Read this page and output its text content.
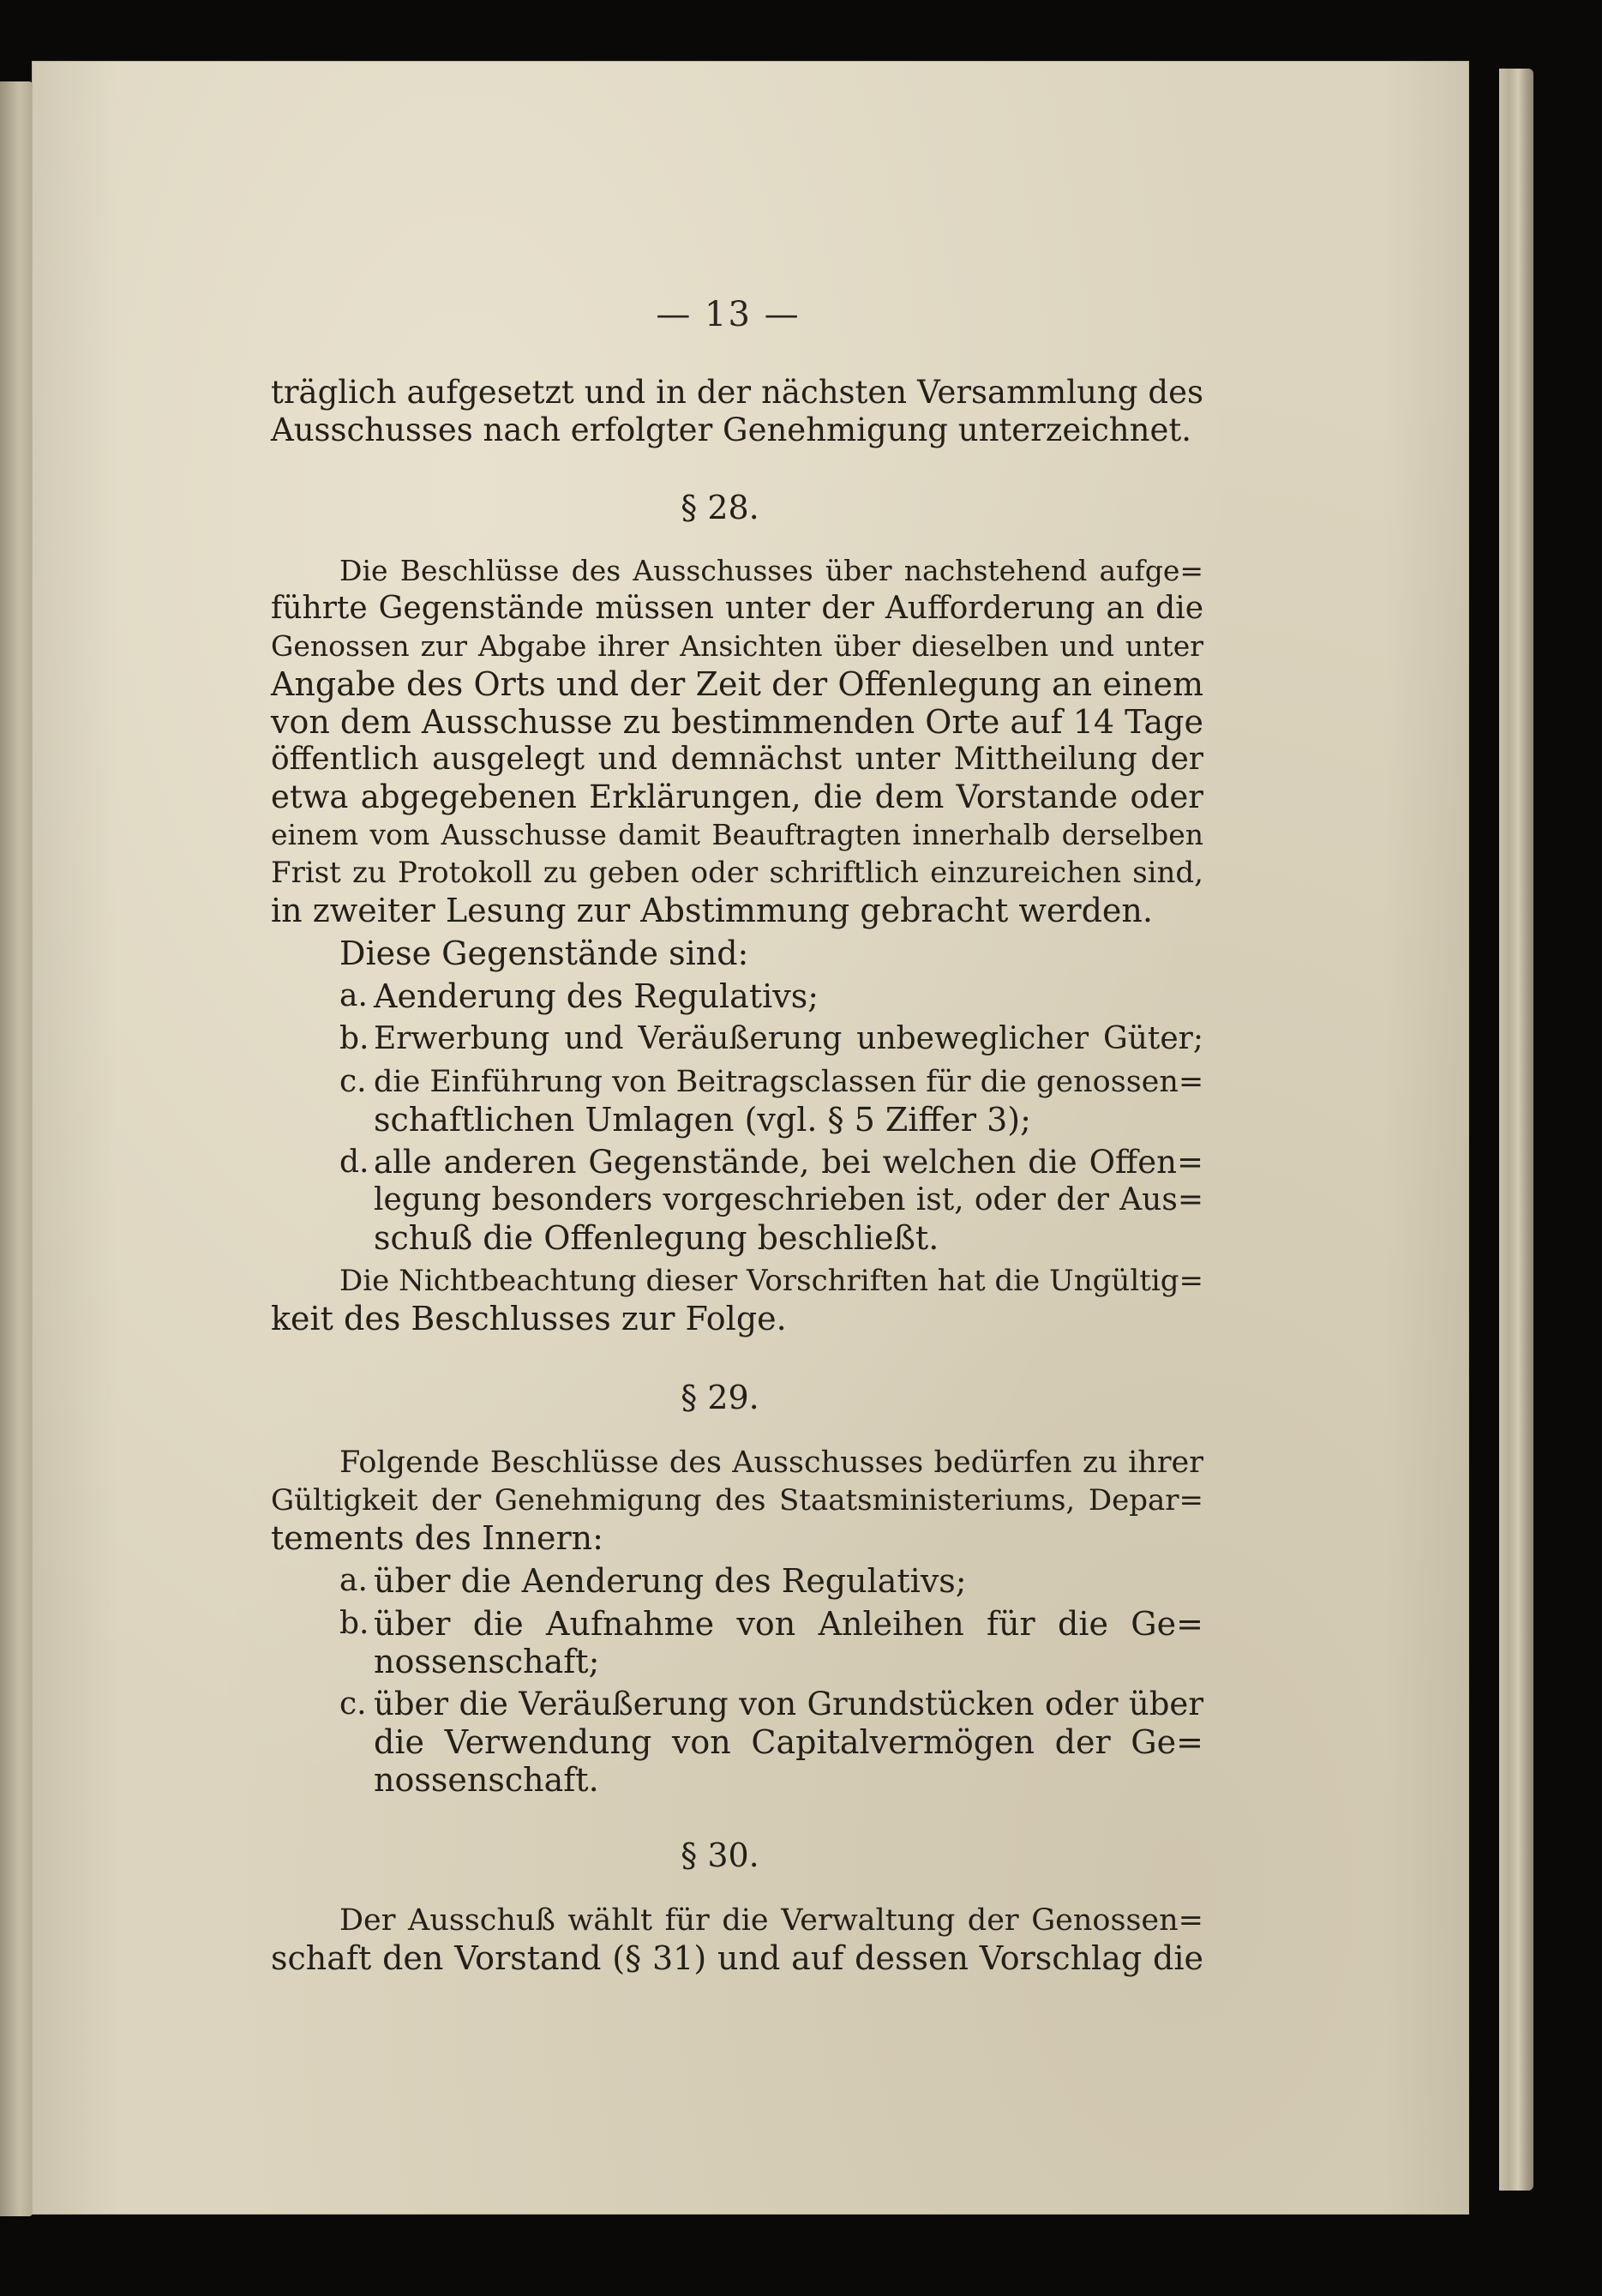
— 13 —
träglich aufgesetzt und in der nächsten Versammlung des
Ausschusses nach erfolgter Genehmigung unterzeichnet.
§ 28.
Die Beschlüsse des Ausschusses über nachstehend aufge=
führte Gegenstände müssen unter der Aufforderung an die
Genossen zur Abgabe ihrer Ansichten über dieselben und unter
Angabe des Orts und der Zeit der Offenlegung an einem
von dem Ausschusse zu bestimmenden Orte auf 14 Tage
öffentlich ausgelegt und demnächst unter Mittheilung der
etwa abgegebenen Erklärungen, die dem Vorstande oder
einem vom Ausschusse damit Beauftragten innerhalb derselben
Frist zu Protokoll zu geben oder schriftlich einzureichen sind,
in zweiter Lesung zur Abstimmung gebracht werden.
Diese Gegenstände sind:
a. Aenderung des Regulativs;
b. Erwerbung und Veräußerung unbeweglicher Güter;
c. die Einführung von Beitragsclassen für die genossen=
schaftlichen Umlagen (vgl. § 5 Ziffer 3);
d. alle anderen Gegenstände, bei welchen die Offen=
legung besonders vorgeschrieben ist, oder der Aus=
schuß die Offenlegung beschließt.
Die Nichtbeachtung dieser Vorschriften hat die Ungültig=
keit des Beschlusses zur Folge.
§ 29.
Folgende Beschlüsse des Ausschusses bedürfen zu ihrer
Gültigkeit der Genehmigung des Staatsministeriums, Depar=
tements des Innern:
a. über die Aenderung des Regulativs;
b. über die Aufnahme von Anleihen für die Ge=
nossenschaft;
c. über die Veräußerung von Grundstücken oder über
die Verwendung von Capitalvermögen der Ge=
nossenschaft.
§ 30.
Der Ausschuß wählt für die Verwaltung der Genossen=
schaft den Vorstand (§ 31) und auf dessen Vorschlag die
